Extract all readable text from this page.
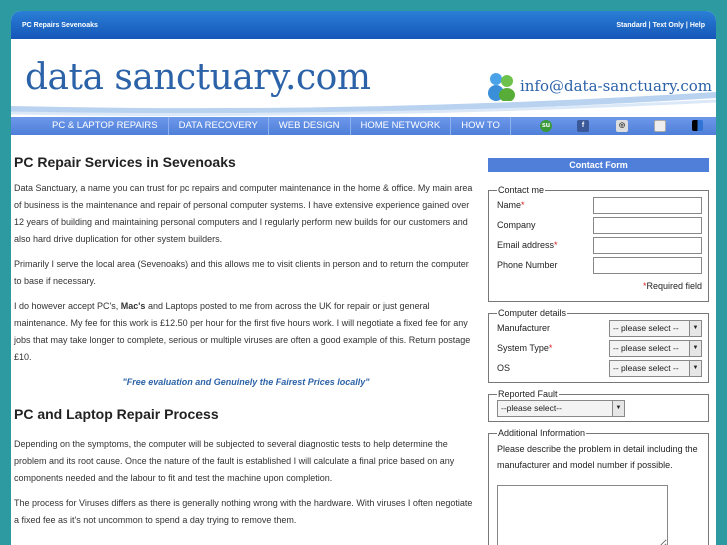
PC Repairs Sevenoaks	Standard | Text Only | Help
data sanctuary.com	info@data-sanctuary.com
PC & LAPTOP REPAIRS	DATA RECOVERY	WEB DESIGN	HOME NETWORK	HOW TO	su	f	◎
PC Repair Services in Sevenoaks

Data Sanctuary, a name you can trust for pc repairs and computer maintenance in the home & office. My main area of business is the maintenance and repair of personal computer systems. I have extensive experience gained over 12 years of building and maintaining personal computers and I regularly perform new builds for our customers and also hard drive duplication for other system builders.

Primarily I serve the local area (Sevenoaks) and this allows me to visit clients in person and to return the computer to base if necessary.

I do however accept PC's, Mac's and Laptops posted to me from across the UK for repair or just general maintenance. My fee for this work is £12.50 per hour for the first five hours work. I will negotiate a fixed fee for any jobs that may take longer to complete, serious or multiple viruses are often a good example of this. Return postage £10.

"Free evaluation and Genuinely the Fairest Prices locally"

PC and Laptop Repair Process

Depending on the symptoms, the computer will be subjected to several diagnostic tests to help determine the problem and its root cause. Once the nature of the fault is established I will calculate a final price based on any components needed and the labour to fit and test the machine upon completion.

The process for Viruses differs as there is generally nothing wrong with the hardware. With viruses I often negotiate a fixed fee as it's not uncommon to spend a day trying to remove them.

Contact Form
Contact me
Name*
Company
Email address*
Phone Number
*Required field
Computer details
Manufacturer	-- please select --	▼
System Type*	-- please select --	▼
OS	-- please select --	▼
Reported Fault
--please select--	▼
Additional Information
Please describe the problem in detail including the manufacturer and model number if possible.
